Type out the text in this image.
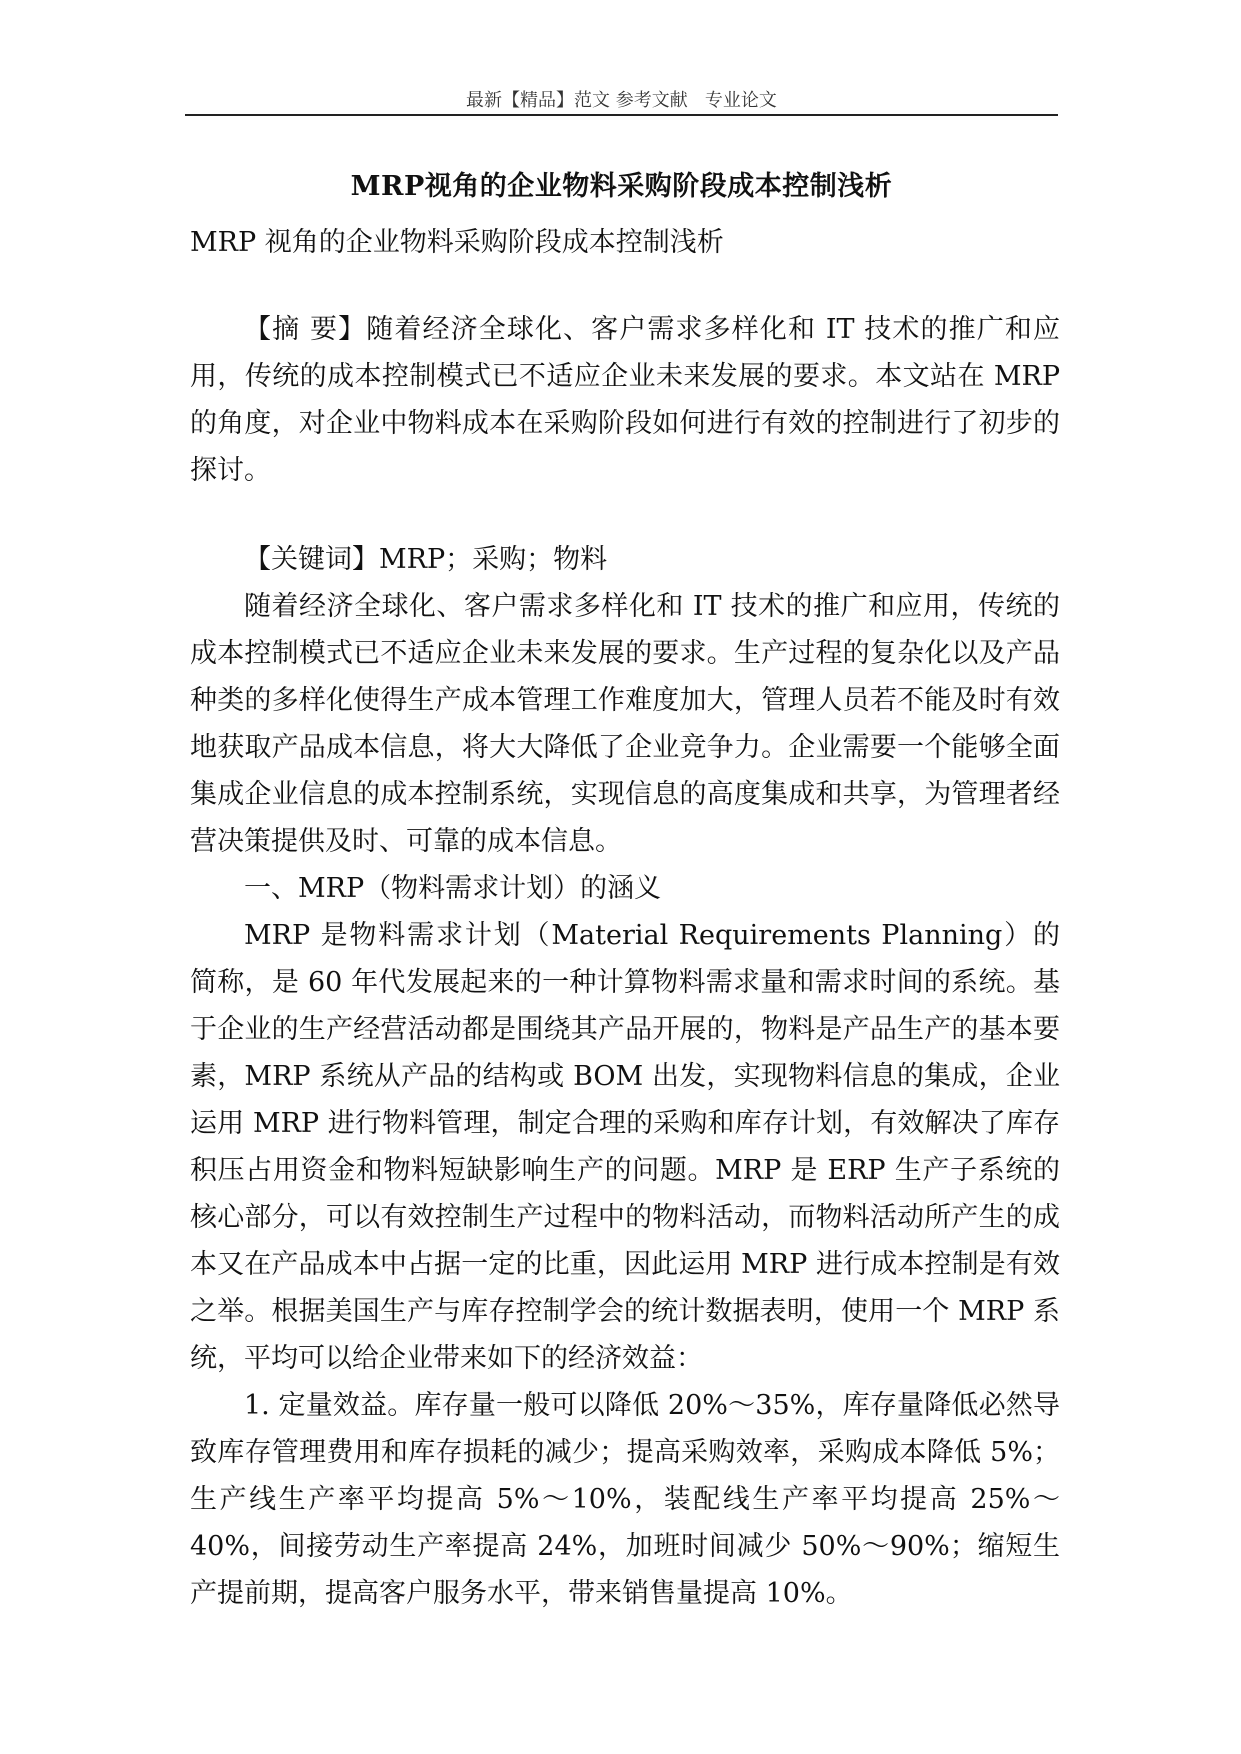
最新【精品】范文 参考文献   专业论文
MRP视角的企业物料采购阶段成本控制浅析

MRP 视角的企业物料采购阶段成本控制浅析

【摘 要】随着经济全球化、客户需求多样化和 IT 技术的推广和应用，传统的成本控制模式已不适应企业未来发展的要求。本文站在 MRP 的角度，对企业中物料成本在采购阶段如何进行有效的控制进行了初步的探讨。

【关键词】MRP；采购；物料

随着经济全球化、客户需求多样化和 IT 技术的推广和应用，传统的成本控制模式已不适应企业未来发展的要求。生产过程的复杂化以及产品种类的多样化使得生产成本管理工作难度加大，管理人员若不能及时有效地获取产品成本信息，将大大降低了企业竞争力。企业需要一个能够全面集成企业信息的成本控制系统，实现信息的高度集成和共享，为管理者经营决策提供及时、可靠的成本信息。

一、MRP（物料需求计划）的涵义

MRP 是物料需求计划（Material Requirements Planning）的简称，是 60 年代发展起来的一种计算物料需求量和需求时间的系统。基于企业的生产经营活动都是围绕其产品开展的，物料是产品生产的基本要素，MRP 系统从产品的结构或 BOM 出发，实现物料信息的集成，企业运用 MRP 进行物料管理，制定合理的采购和库存计划，有效解决了库存积压占用资金和物料短缺影响生产的问题。MRP 是 ERP 生产子系统的核心部分，可以有效控制生产过程中的物料活动，而物料活动所产生的成本又在产品成本中占据一定的比重，因此运用 MRP 进行成本控制是有效之举。根据美国生产与库存控制学会的统计数据表明，使用一个 MRP 系统，平均可以给企业带来如下的经济效益：

1. 定量效益。库存量一般可以降低 20%～35%，库存量降低必然导致库存管理费用和库存损耗的减少；提高采购效率，采购成本降低 5%；生产线生产率平均提高 5%～10%，装配线生产率平均提高 25%～40%，间接劳动生产率提高 24%，加班时间减少 50%～90%；缩短生产提前期，提高客户服务水平，带来销售量提高 10%。
